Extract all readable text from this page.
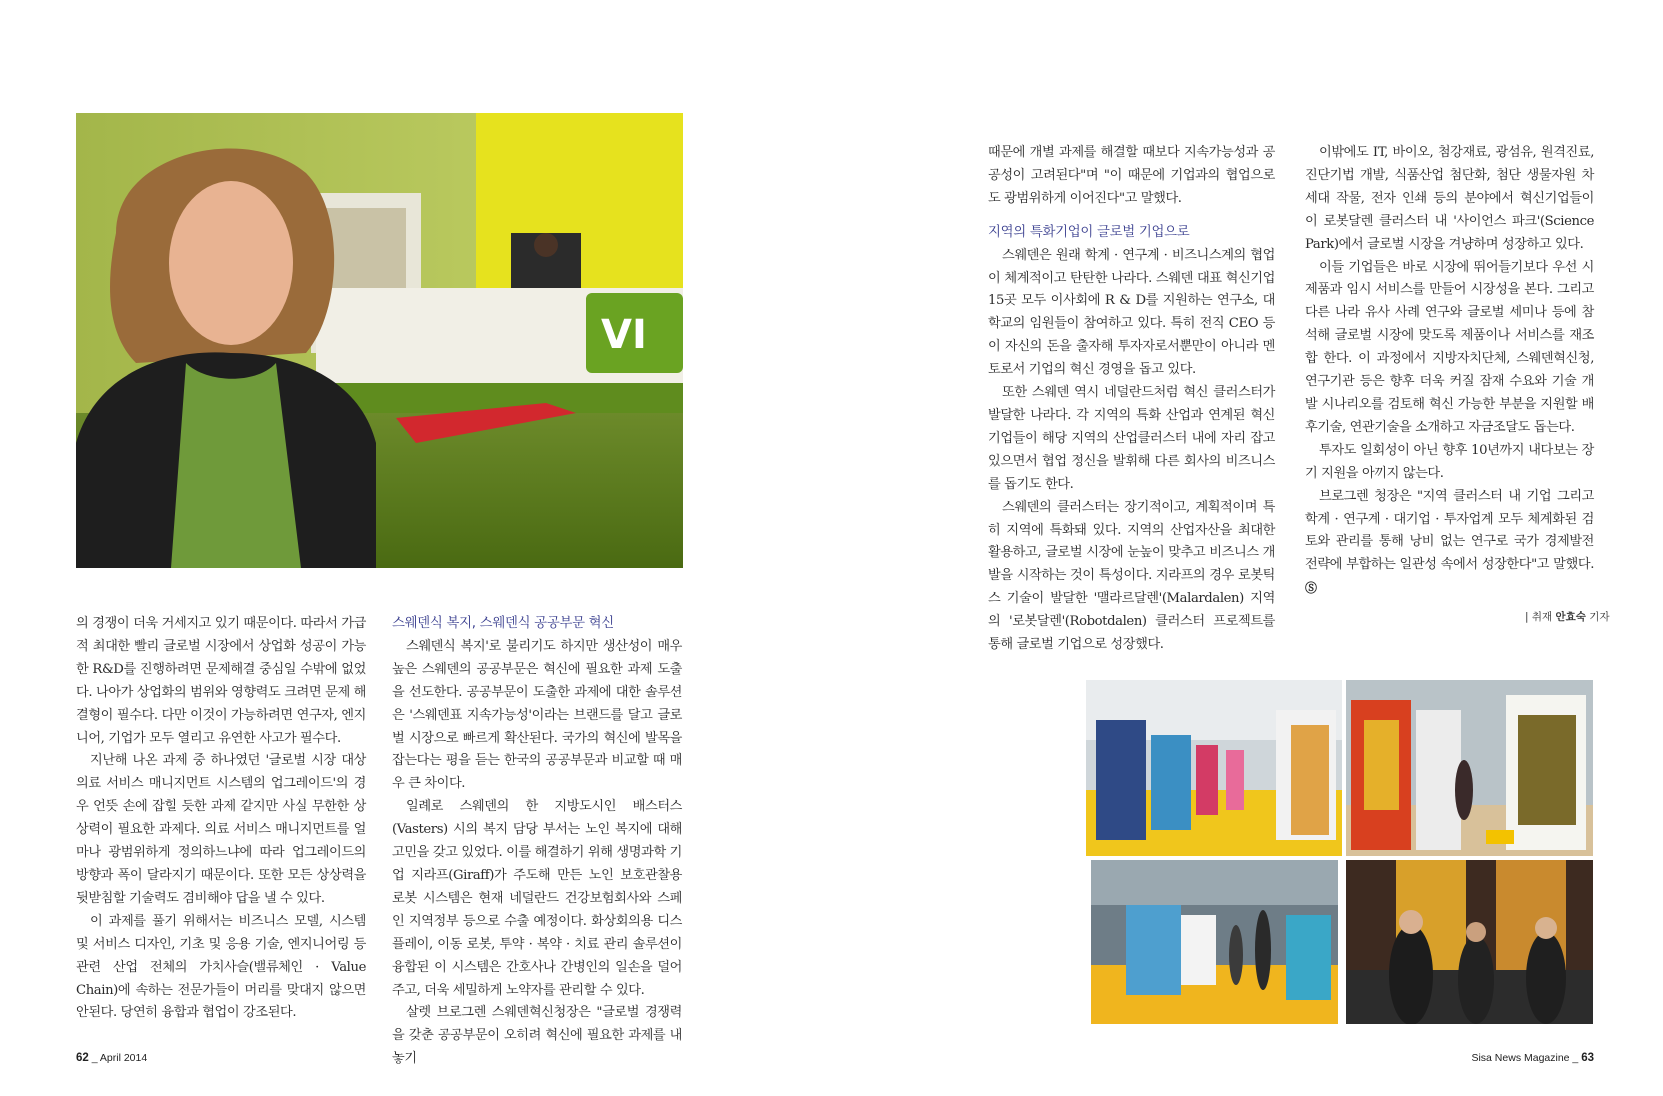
VI

의 경쟁이 더욱 거세지고 있기 때문이다. 따라서 가급적 최대한 빨리 글로벌 시장에서 상업화 성공이 가능한 R&D를 진행하려면 문제해결 중심일 수밖에 없었다. 나아가 상업화의 범위와 영향력도 크려면 문제 해결형이 필수다. 다만 이것이 가능하려면 연구자, 엔지니어, 기업가 모두 열리고 유연한 사고가 필수다.

지난해 나온 과제 중 하나였던 '글로벌 시장 대상 의료 서비스 매니지먼트 시스템의 업그레이드'의 경우 언뜻 손에 잡힐 듯한 과제 같지만 사실 무한한 상상력이 필요한 과제다. 의료 서비스 매니지먼트를 얼마나 광범위하게 정의하느냐에 따라 업그레이드의 방향과 폭이 달라지기 때문이다. 또한 모든 상상력을 뒷받침할 기술력도 겸비해야 답을 낼 수 있다.

이 과제를 풀기 위해서는 비즈니스 모델, 시스템 및 서비스 디자인, 기초 및 응용 기술, 엔지니어링 등 관련 산업 전체의 가치사슬(밸류체인 · Value Chain)에 속하는 전문가들이 머리를 맞대지 않으면 안된다. 당연히 융합과 협업이 강조된다.

스웨덴식 복지, 스웨덴식 공공부문 혁신

스웨덴식 복지'로 불리기도 하지만 생산성이 매우 높은 스웨덴의 공공부문은 혁신에 필요한 과제 도출을 선도한다. 공공부문이 도출한 과제에 대한 솔루션은 '스웨덴표 지속가능성'이라는 브랜드를 달고 글로벌 시장으로 빠르게 확산된다. 국가의 혁신에 발목을 잡는다는 평을 듣는 한국의 공공부문과 비교할 때 매우 큰 차이다.

일례로 스웨덴의 한 지방도시인 배스터스(Vasters) 시의 복지 담당 부서는 노인 복지에 대해 고민을 갖고 있었다. 이를 해결하기 위해 생명과학 기업 지라프(Giraff)가 주도해 만든 노인 보호관찰용 로봇 시스템은 현재 네덜란드 건강보험회사와 스페인 지역정부 등으로 수출 예정이다. 화상회의용 디스플레이, 이동 로봇, 투약 · 복약 · 치료 관리 솔루션이 융합된 이 시스템은 간호사나 간병인의 일손을 덜어주고, 더욱 세밀하게 노약자를 관리할 수 있다.

살렛 브로그렌 스웨덴혁신청장은 "글로벌 경쟁력을 갖춘 공공부문이 오히려 혁신에 필요한 과제를 내놓기

때문에 개별 과제를 해결할 때보다 지속가능성과 공공성이 고려된다"며 "이 때문에 기업과의 협업으로도 광범위하게 이어진다"고 말했다.

지역의 특화기업이 글로벌 기업으로

스웨덴은 원래 학계 · 연구계 · 비즈니스계의 협업이 체계적이고 탄탄한 나라다. 스웨덴 대표 혁신기업 15곳 모두 이사회에 R & D를 지원하는 연구소, 대학교의 임원들이 참여하고 있다. 특히 전직 CEO 등이 자신의 돈을 출자해 투자자로서뿐만이 아니라 멘토로서 기업의 혁신 경영을 돕고 있다.

또한 스웨덴 역시 네덜란드처럼 혁신 클러스터가 발달한 나라다. 각 지역의 특화 산업과 연계된 혁신기업들이 해당 지역의 산업클러스터 내에 자리 잡고 있으면서 협업 정신을 발휘해 다른 회사의 비즈니스를 돕기도 한다.

스웨덴의 클러스터는 장기적이고, 계획적이며 특히 지역에 특화돼 있다. 지역의 산업자산을 최대한 활용하고, 글로벌 시장에 눈높이 맞추고 비즈니스 개발을 시작하는 것이 특성이다. 지라프의 경우 로봇틱스 기술이 발달한 '맬라르달렌'(Malardalen) 지역의 '로봇달렌'(Robotdalen) 클러스터 프로젝트를 통해 글로벌 기업으로 성장했다.

이밖에도 IT, 바이오, 첨강재료, 광섬유, 원격진료, 진단기법 개발, 식품산업 첨단화, 첨단 생물자원 차세대 작물, 전자 인쇄 등의 분야에서 혁신기업들이 이 로봇달렌 클러스터 내 '사이언스 파크'(Science Park)에서 글로벌 시장을 겨냥하며 성장하고 있다.

이들 기업들은 바로 시장에 뛰어들기보다 우선 시제품과 임시 서비스를 만들어 시장성을 본다. 그리고 다른 나라 유사 사례 연구와 글로벌 세미나 등에 참석해 글로벌 시장에 맞도록 제품이나 서비스를 재조합 한다. 이 과정에서 지방자치단체, 스웨덴혁신청, 연구기관 등은 향후 더욱 커질 잠재 수요와 기술 개발 시나리오를 검토해 혁신 가능한 부분을 지원할 배후기술, 연관기술을 소개하고 자금조달도 돕는다.

투자도 일회성이 아닌 향후 10년까지 내다보는 장기 지원을 아끼지 않는다.

브로그렌 청장은 "지역 클러스터 내 기업 그리고 학계 · 연구계 · 대기업 · 투자업계 모두 체계화된 검토와 관리를 통해 낭비 없는 연구로 국가 경제발전 전략에 부합하는 일관성 속에서 성장한다"고 말했다. Ⓢ

| 취재 안효숙 기자
62 _ April 2014	Sisa News Magazine _ 63
